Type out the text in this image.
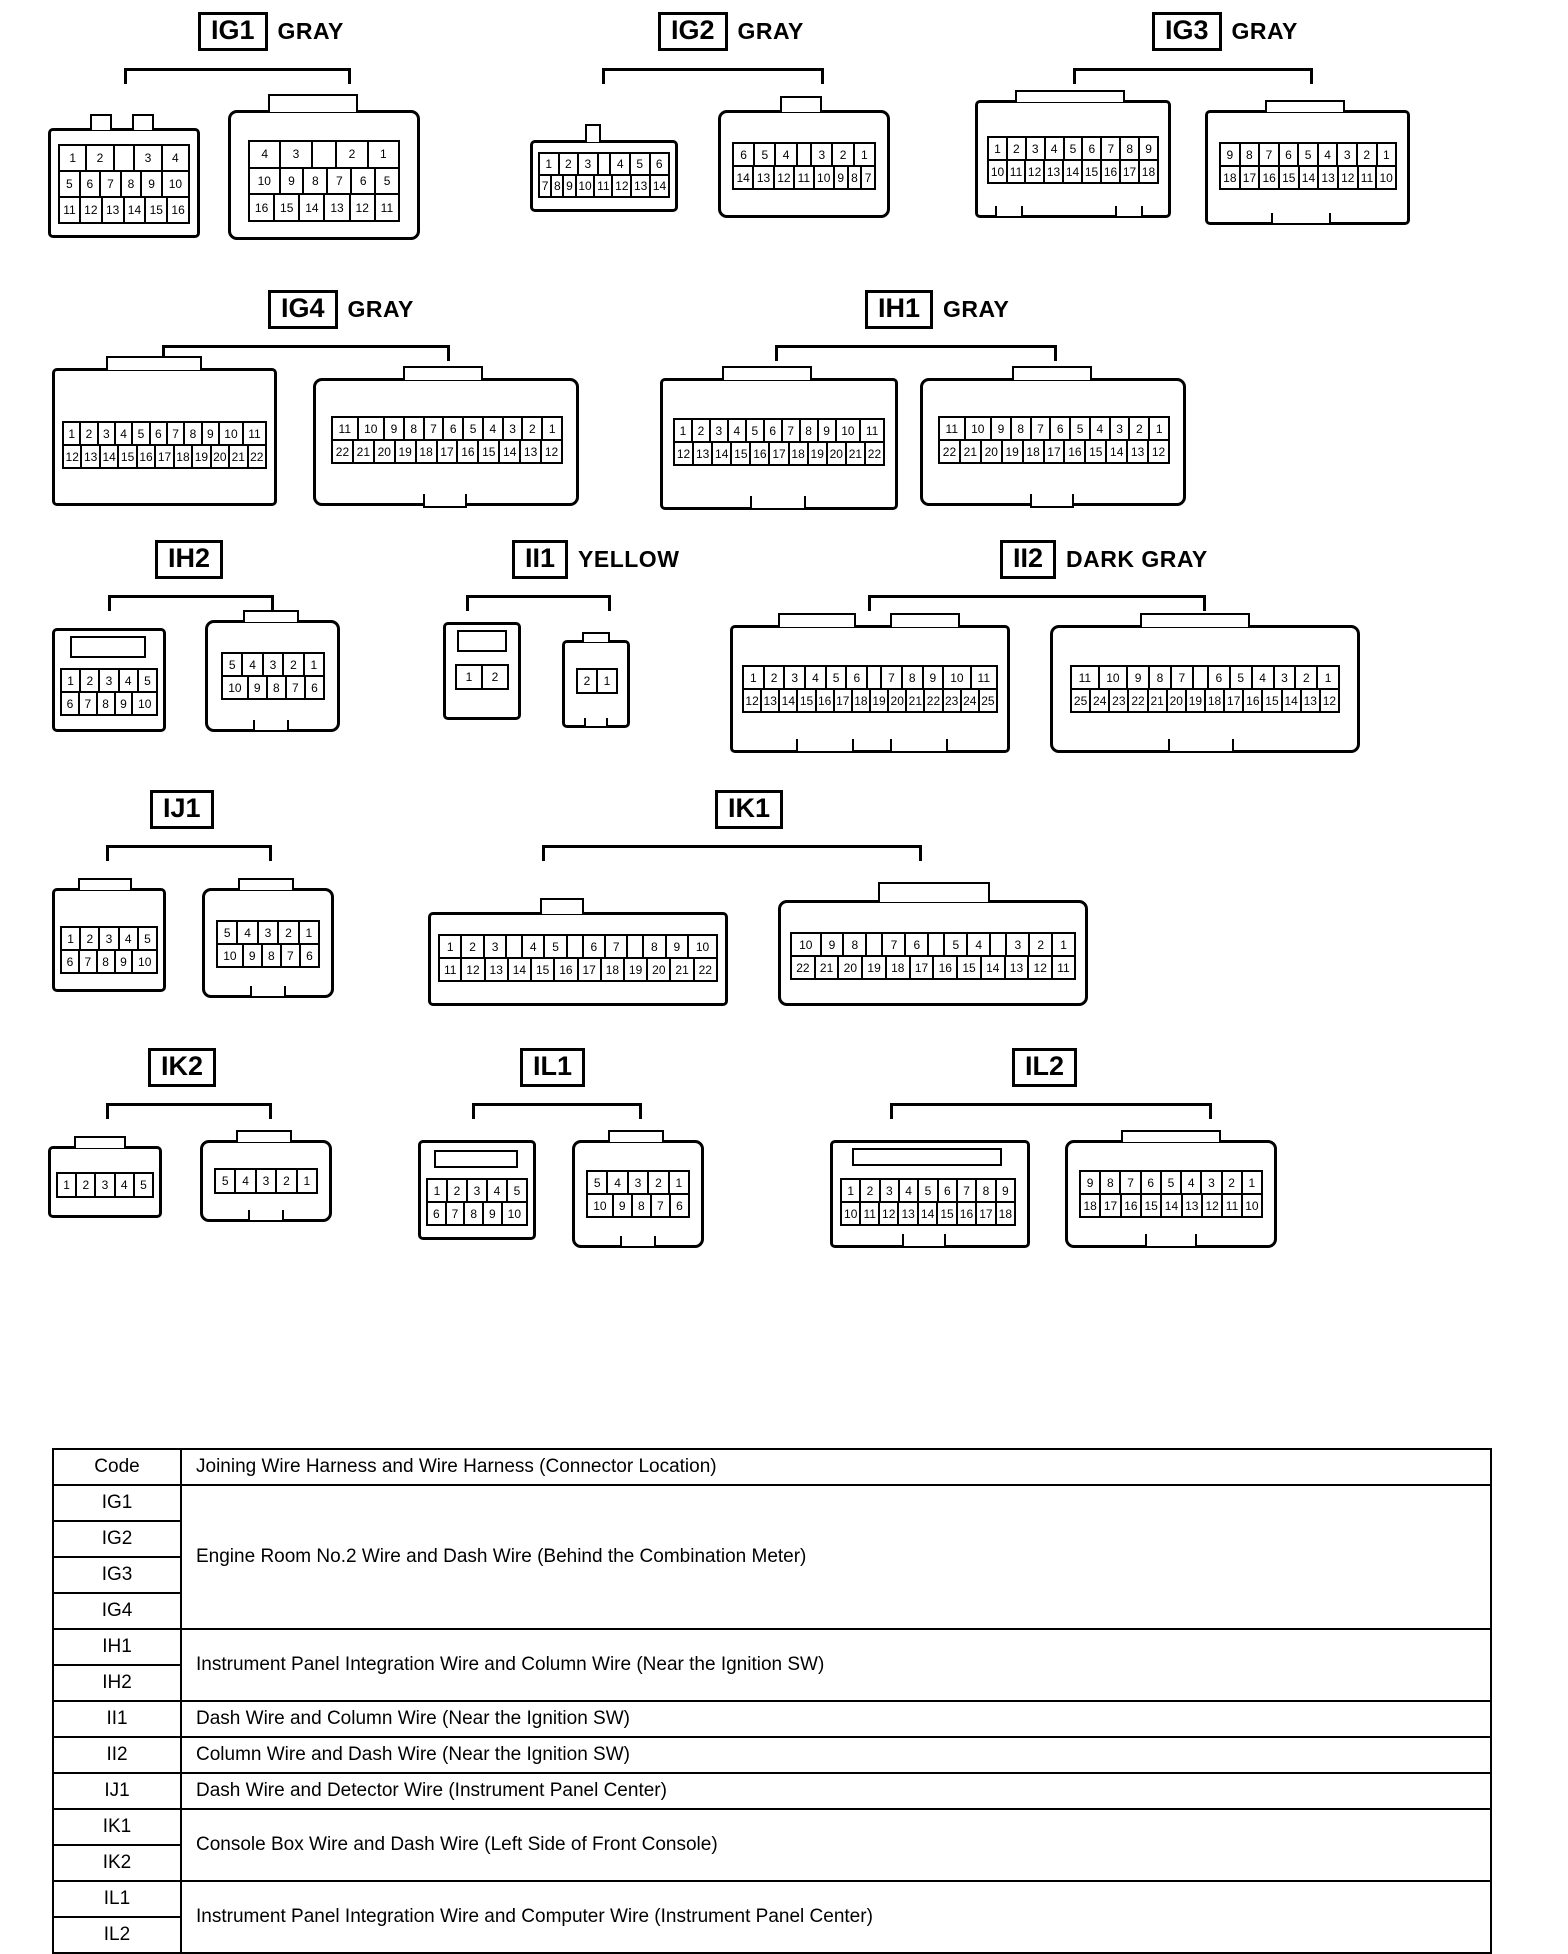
IG1	GRAY
1	2	3	4
5	6	7	8	9	10
11 12 13 14 15 16
4	3	2	1
10	9	8	7	6	5
16 15 14 13 12 11
IG2	GRAY
1	2	3	4	5	6
7 8 9 10 11 12 13 14
6	5	4	3	2	1
14 13 12 11 10 9 8 7
IG3	GRAY
1	2	3	4	5	6	7	8	9
10 11 12 13 14 15 16 17 18
9	8	7	6	5	4	3	2	1
18 17 16 15 14 13 12 11 10
IG4	GRAY
1 2 3 4 5 6 7 8 9 10 11
12 13 14 15 16 17 18 19 20 21 22
11	10	9	8	7	6	5	4	3	2	1
22 21 20 19 18 17 16 15 14 13 12
IH1	GRAY
1 2 3 4 5 6 7 8 9 10 11
12 13 14 15 16 17 18 19 20 21 22
11	10	9	8	7	6	5	4	3	2	1
22 21 20 19 18 17 16 15 14 13 12
IH2
1	2	3	4	5
6 7 8 9 10
5	4	3	2	1
10	9	8	7	6
II1	YELLOW
1	2	2	1
II2	DARK GRAY
1	2	3	4	5	6	7	8	9	10	11
12 13 14 15 16 17 18 19 20 21 22 23 24 25
11	10	9	8	7	6	5	4	3	2	1
25 24 23 22 21 20 19 18 17 16 15 14 13 12
IJ1
1	2	3	4	5
6 7 8 9 10
5	4	3	2	1
10	9	8	7	6
IK1
1	2	3	4	5	6	7	8	9	10
11 12 13 14 15 16 17 18 19 20 21 22
10	9	8	7	6	5	4	3	2	1
22 21 20 19 18 17 16 15 14 13 12 11
IK2
1	2	3	4	5	5	4	3	2	1
IL1
1	2	3	4	5
6 7 8 9 10
5	4	3	2	1
10	9	8	7	6
IL2
1	2	3	4	5	6	7	8	9
10 11 12 13 14 15 16 17 18
9	8	7	6	5	4	3	2	1
18 17 16 15 14 13 12 11 10
Code	Joining Wire Harness and Wire Harness (Connector Location)
IG1	Engine Room No.2 Wire and Dash Wire (Behind the Combination Meter)
IG2	
IG3	
IG4	
IH1	Instrument Panel Integration Wire and Column Wire (Near the Ignition SW)
IH2	
II1	Dash Wire and Column Wire (Near the Ignition SW)
II2	Column Wire and Dash Wire (Near the Ignition SW)
IJ1	Dash Wire and Detector Wire (Instrument Panel Center)
IK1	Console Box Wire and Dash Wire (Left Side of Front Console)
IK2	
IL1	Instrument Panel Integration Wire and Computer Wire (Instrument Panel Center)
IL2	
